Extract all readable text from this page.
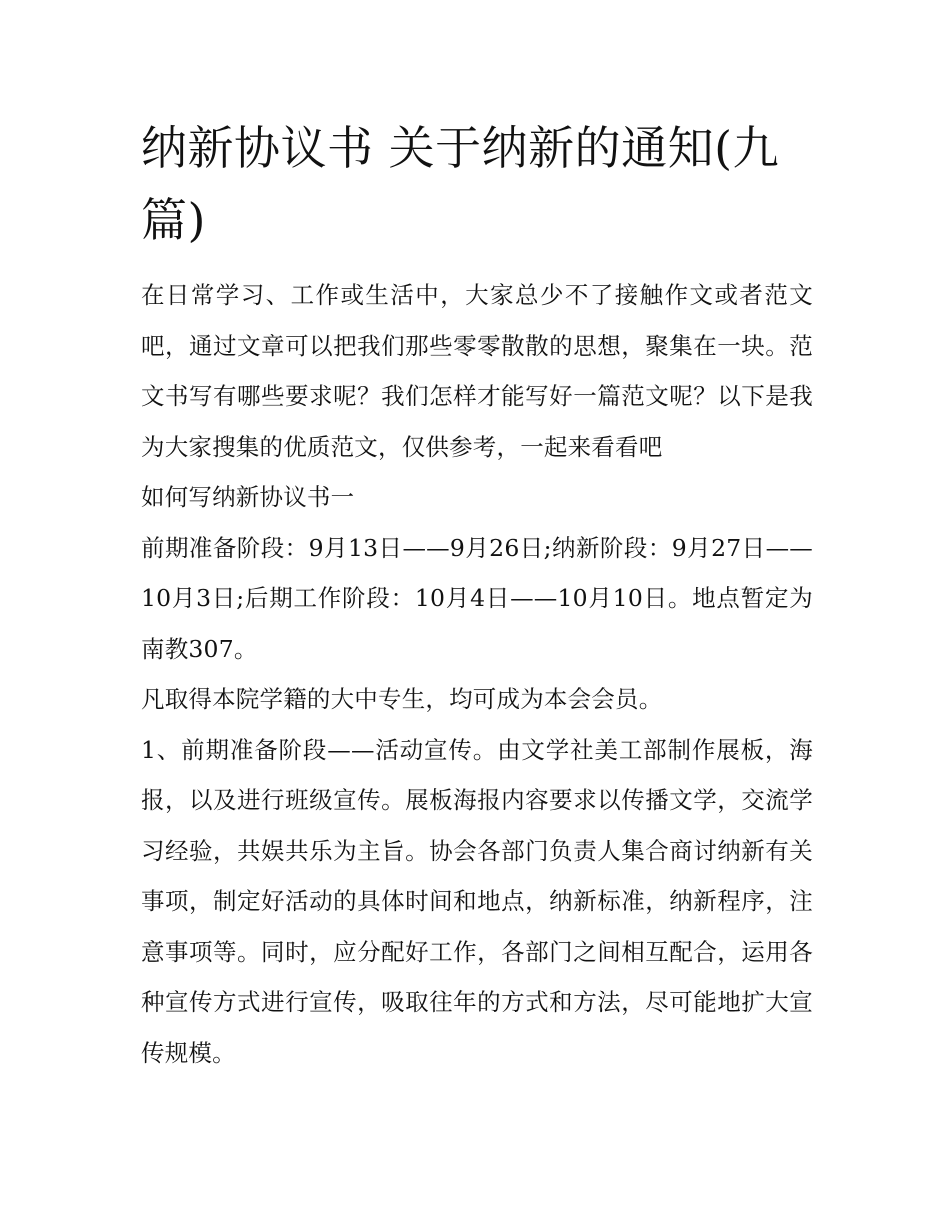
纳新协议书 关于纳新的通知(九篇)

在日常学习、工作或生活中，大家总少不了接触作文或者范文吧，通过文章可以把我们那些零零散散的思想，聚集在一块。范文书写有哪些要求呢？我们怎样才能写好一篇范文呢？以下是我为大家搜集的优质范文，仅供参考，一起来看看吧

如何写纳新协议书一

前期准备阶段：9月13日——9月26日;纳新阶段：9月27日——10月3日;后期工作阶段：10月4日——10月10日。地点暂定为南教307。

凡取得本院学籍的大中专生，均可成为本会会员。

1、前期准备阶段——活动宣传。由文学社美工部制作展板，海报，以及进行班级宣传。展板海报内容要求以传播文学，交流学习经验，共娱共乐为主旨。协会各部门负责人集合商讨纳新有关事项，制定好活动的具体时间和地点，纳新标准，纳新程序，注意事项等。同时，应分配好工作，各部门之间相互配合，运用各种宣传方式进行宣传，吸取往年的方式和方法，尽可能地扩大宣传规模。
